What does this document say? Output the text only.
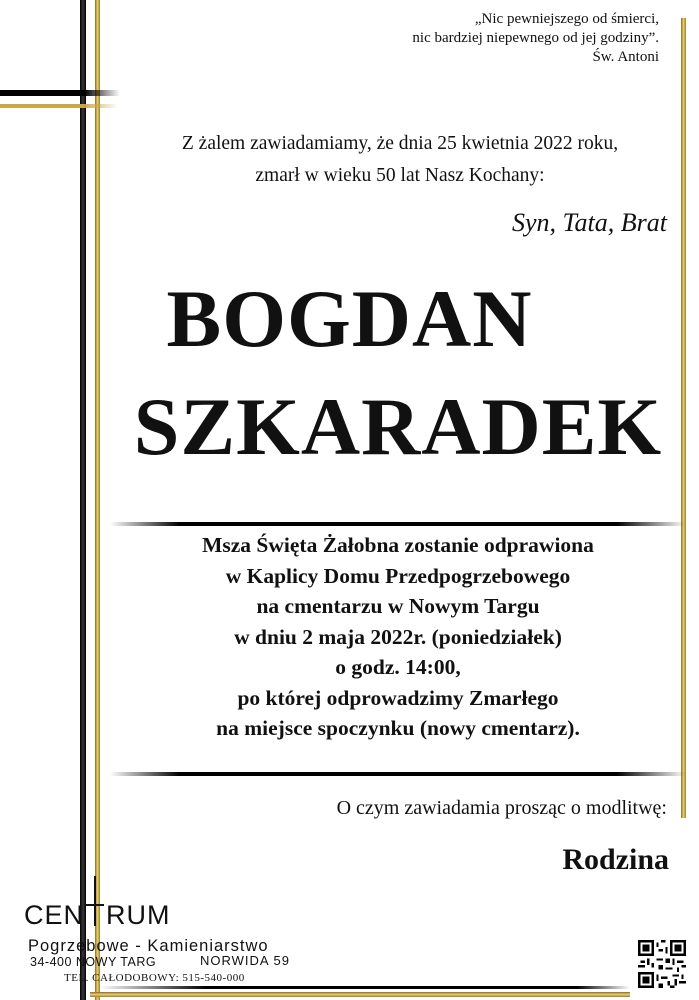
„Nic pewniejszego od śmierci,
nic bardziej niepewnego od jej godziny”.
Św. Antoni
Z żalem zawiadamiamy, że dnia 25 kwietnia 2022 roku,
zmarł w wieku 50 lat Nasz Kochany:
Syn, Tata, Brat
BOGDAN
SZKARADEK
Msza Święta Żałobna zostanie odprawiona
w Kaplicy Domu Przedpogrzebowego
na cmentarzu w Nowym Targu
w dniu 2 maja 2022r. (poniedziałek)
o godz. 14:00,
po której odprowadzimy Zmarłego
na miejsce spoczynku (nowy cmentarz).
O czym zawiadamia prosząc o modlitwę:
Rodzina
CEN RUM
Pogrzebowe - Kamieniarstwo
NORWIDA 59
34-400 NOWY TARG
TEL. CAŁODOBOWY: 515-540-000
